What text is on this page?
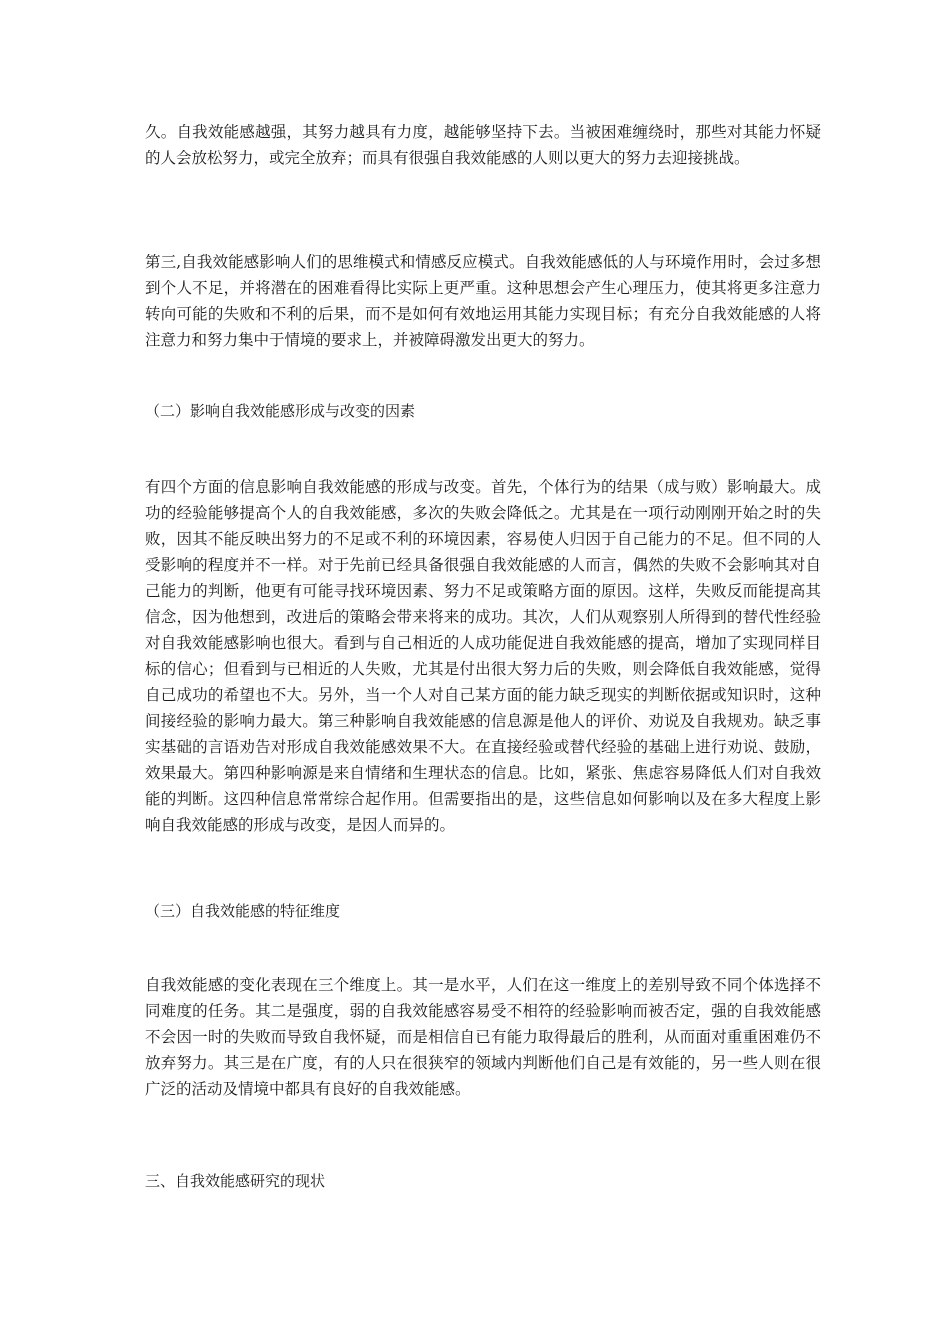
久。自我效能感越强，其努力越具有力度，越能够坚持下去。当被困难缠绕时，那些对其能力怀疑的人会放松努力，或完全放弃；而具有很强自我效能感的人则以更大的努力去迎接挑战。

第三,自我效能感影响人们的思维模式和情感反应模式。自我效能感低的人与环境作用时，会过多想到个人不足，并将潜在的困难看得比实际上更严重。这种思想会产生心理压力，使其将更多注意力转向可能的失败和不利的后果，而不是如何有效地运用其能力实现目标；有充分自我效能感的人将注意力和努力集中于情境的要求上，并被障碍激发出更大的努力。

（二）影响自我效能感形成与改变的因素

有四个方面的信息影响自我效能感的形成与改变。首先，个体行为的结果（成与败）影响最大。成功的经验能够提高个人的自我效能感，多次的失败会降低之。尤其是在一项行动刚刚开始之时的失败，因其不能反映出努力的不足或不利的环境因素，容易使人归因于自己能力的不足。但不同的人受影响的程度并不一样。对于先前已经具备很强自我效能感的人而言，偶然的失败不会影响其对自己能力的判断，他更有可能寻找环境因素、努力不足或策略方面的原因。这样，失败反而能提高其信念，因为他想到，改进后的策略会带来将来的成功。其次，人们从观察别人所得到的替代性经验对自我效能感影响也很大。看到与自己相近的人成功能促进自我效能感的提高，增加了实现同样目标的信心；但看到与已相近的人失败，尤其是付出很大努力后的失败，则会降低自我效能感，觉得自己成功的希望也不大。另外，当一个人对自己某方面的能力缺乏现实的判断依据或知识时，这种间接经验的影响力最大。第三种影响自我效能感的信息源是他人的评价、劝说及自我规劝。缺乏事实基础的言语劝告对形成自我效能感效果不大。在直接经验或替代经验的基础上进行劝说、鼓励，效果最大。第四种影响源是来自情绪和生理状态的信息。比如，紧张、焦虑容易降低人们对自我效能的判断。这四种信息常常综合起作用。但需要指出的是，这些信息如何影响以及在多大程度上影响自我效能感的形成与改变，是因人而异的。

（三）自我效能感的特征维度

自我效能感的变化表现在三个维度上。其一是水平，人们在这一维度上的差别导致不同个体选择不同难度的任务。其二是强度，弱的自我效能感容易受不相符的经验影响而被否定，强的自我效能感不会因一时的失败而导致自我怀疑，而是相信自已有能力取得最后的胜利，从而面对重重困难仍不放弃努力。其三是在广度，有的人只在很狭窄的领域内判断他们自己是有效能的，另一些人则在很广泛的活动及情境中都具有良好的自我效能感。

三、自我效能感研究的现状
